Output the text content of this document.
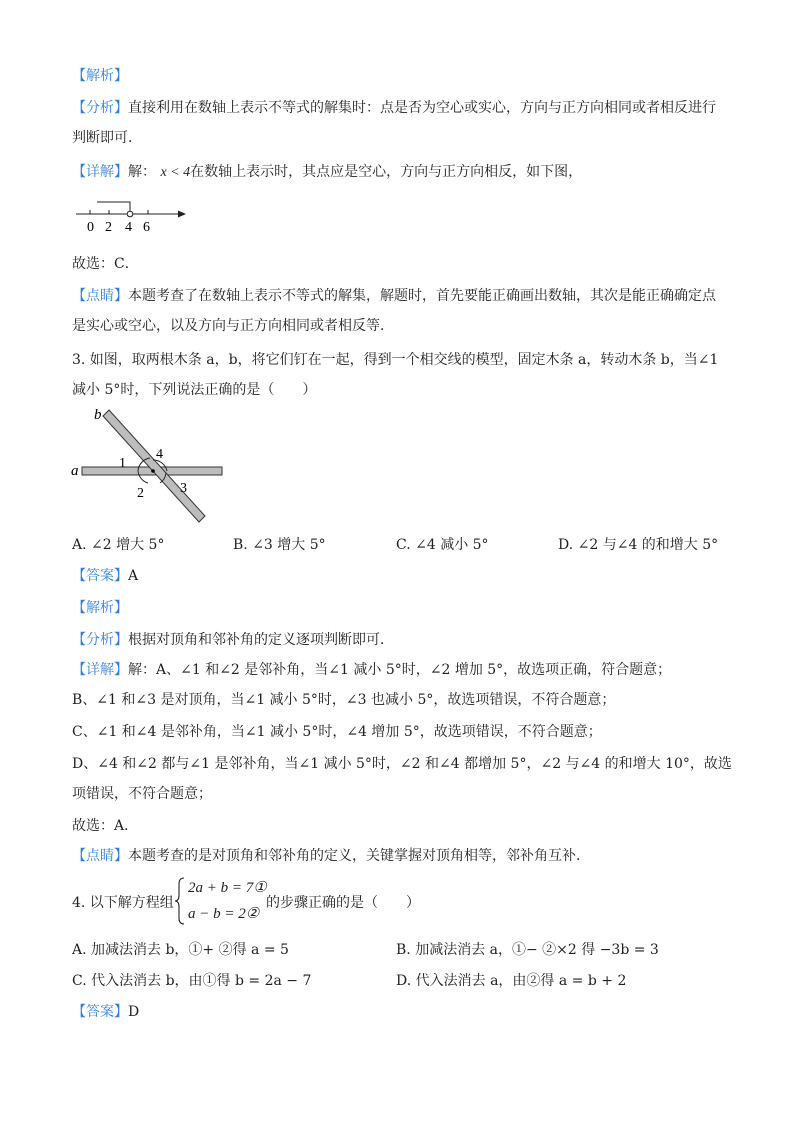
【解析】
【分析】直接利用在数轴上表示不等式的解集时：点是否为空心或实心，方向与正方向相同或者相反进行
判断即可．
【详解】解： x < 4在数轴上表示时，其点应是空心，方向与正方向相反，如下图，
0 2 4 6
故选：C．
【点睛】本题考查了在数轴上表示不等式的解集，解题时，首先要能正确画出数轴，其次是能正确确定点
是实心或空心，以及方向与正方向相同或者相反等．
3. 如图，取两根木条 a，b，将它们钉在一起，得到一个相交线的模型，固定木条 a，转动木条 b，当∠1
减小 5°时，下列说法正确的是（　　）
a
b
1
4
2	3
A. ∠2 增大 5°	B. ∠3 增大 5°	C. ∠4 减小 5°	D. ∠2 与∠4 的和增大 5°
【答案】A
【解析】
【分析】根据对顶角和邻补角的定义逐项判断即可．
【详解】解：A、∠1 和∠2 是邻补角，当∠1 减小 5°时，∠2 增加 5°，故选项正确，符合题意；
B、∠1 和∠3 是对顶角，当∠1 减小 5°时，∠3 也减小 5°，故选项错误，不符合题意；
C、∠1 和∠4 是邻补角，当∠1 减小 5°时，∠4 增加 5°，故选项错误，不符合题意；
D、∠4 和∠2 都与∠1 是邻补角，当∠1 减小 5°时，∠2 和∠4 都增加 5°，∠2 与∠4 的和增大 10°，故选
项错误，不符合题意；
故选：A．
【点睛】本题考查的是对顶角和邻补角的定义，关键掌握对顶角相等，邻补角互补．
4. 以下解方程组
2a + b = 7①
a − b = 2②
的步骤正确的是（　　）
A. 加减法消去 b，①+ ②得 a = 5	B. 加减法消去 a，①− ②×2 得 −3b = 3
C. 代入法消去 b，由①得 b = 2a − 7	D. 代入法消去 a，由②得 a = b + 2
【答案】D
